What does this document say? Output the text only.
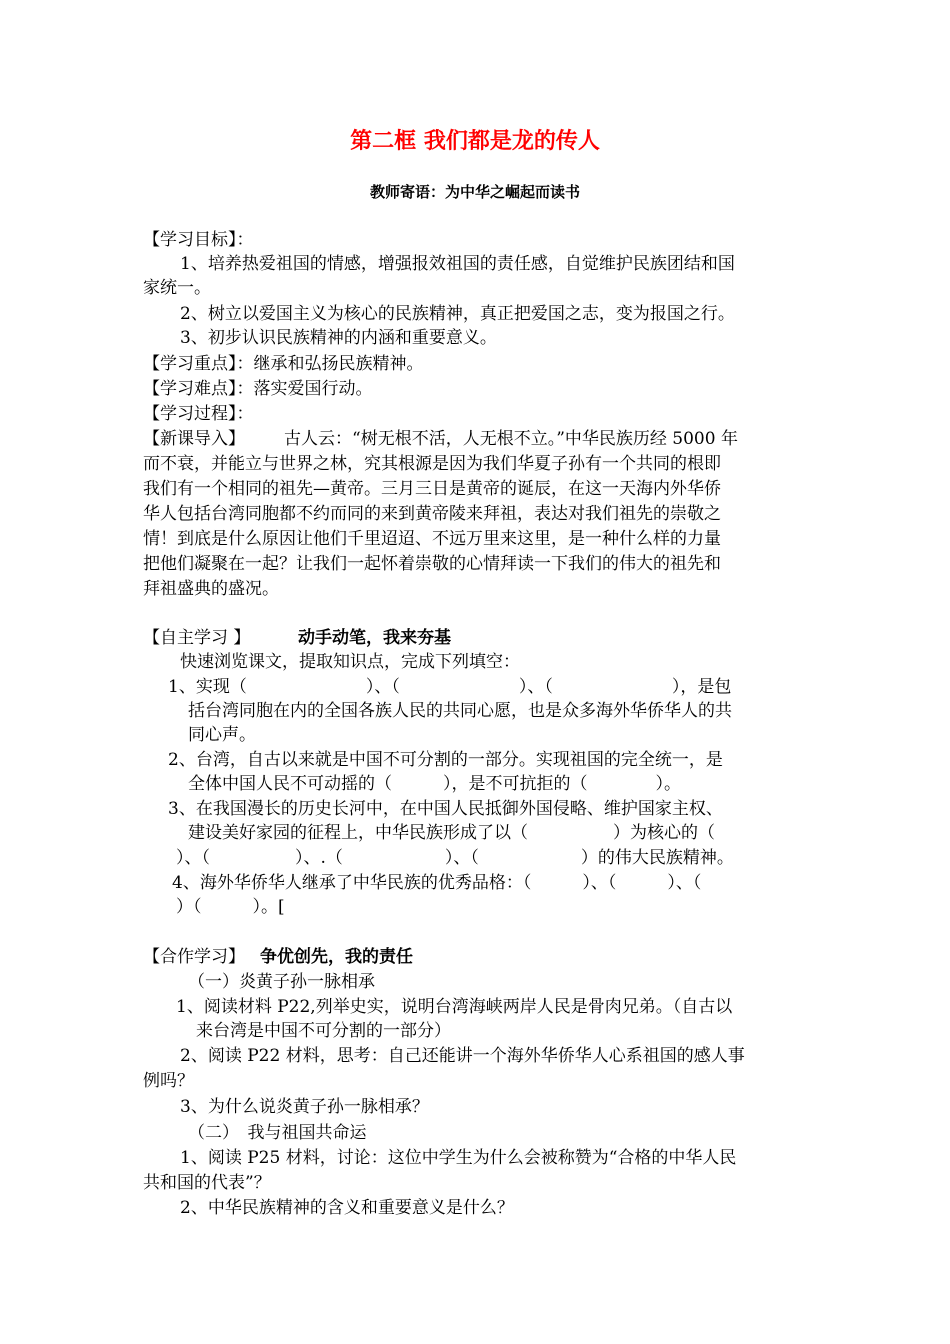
第二框 我们都是龙的传人
教师寄语：为中华之崛起而读书
【学习目标】：
1、培养热爱祖国的情感，增强报效祖国的责任感，自觉维护民族团结和国
家统一。
2、树立以爱国主义为核心的民族精神，真正把爱国之志，变为报国之行。
3、初步认识民族精神的内涵和重要意义。
【学习重点】：继承和弘扬民族精神。
【学习难点】：落实爱国行动。
【学习过程】：
【新课导入】 古人云：“树无根不活，人无根不立。”中华民族历经 5000 年
而不衰，并能立与世界之林，究其根源是因为我们华夏子孙有一个共同的根即
我们有一个相同的祖先—黄帝。三月三日是黄帝的诞辰，在这一天海内外华侨
华人包括台湾同胞都不约而同的来到黄帝陵来拜祖，表达对我们祖先的崇敬之
情！到底是什么原因让他们千里迢迢、不远万里来这里，是一种什么样的力量
把他们凝聚在一起？让我们一起怀着崇敬的心情拜读一下我们的伟大的祖先和
拜祖盛典的盛况。
【自主学习 】	动手动笔，我来夯基
快速浏览课文，提取知识点，完成下列填空：
1、实现（　　　　　　　）、（　　　　　　　）、（　　　　　　　），是包
括台湾同胞在内的全国各族人民的共同心愿，也是众多海外华侨华人的共
同心声。
2、台湾，自古以来就是中国不可分割的一部分。实现祖国的完全统一，是
全体中国人民不可动摇的（　　　），是不可抗拒的（　　　　）。
3、在我国漫长的历史长河中，在中国人民抵御外国侵略、维护国家主权、
建设美好家园的征程上，中华民族形成了以（　　　　　）为核心的（
）、（　　　　　）、.（　　　　　　）、（　　　　　　）的伟大民族精神。
4、海外华侨华人继承了中华民族的优秀品格：（　　　）、（　　　）、（
）（　　　）。[
【合作学习】 争优创先，我的责任
（一）炎黄子孙一脉相承
1、阅读材料 P22,列举史实，说明台湾海峡两岸人民是骨肉兄弟。（自古以
来台湾是中国不可分割的一部分）
2、阅读 P22 材料，思考：自己还能讲一个海外华侨华人心系祖国的感人事
例吗？
3、为什么说炎黄子孙一脉相承？
（二）　我与祖国共命运
1、阅读 P25 材料，讨论：这位中学生为什么会被称赞为“合格的中华人民
共和国的代表”？
2、中华民族精神的含义和重要意义是什么？
